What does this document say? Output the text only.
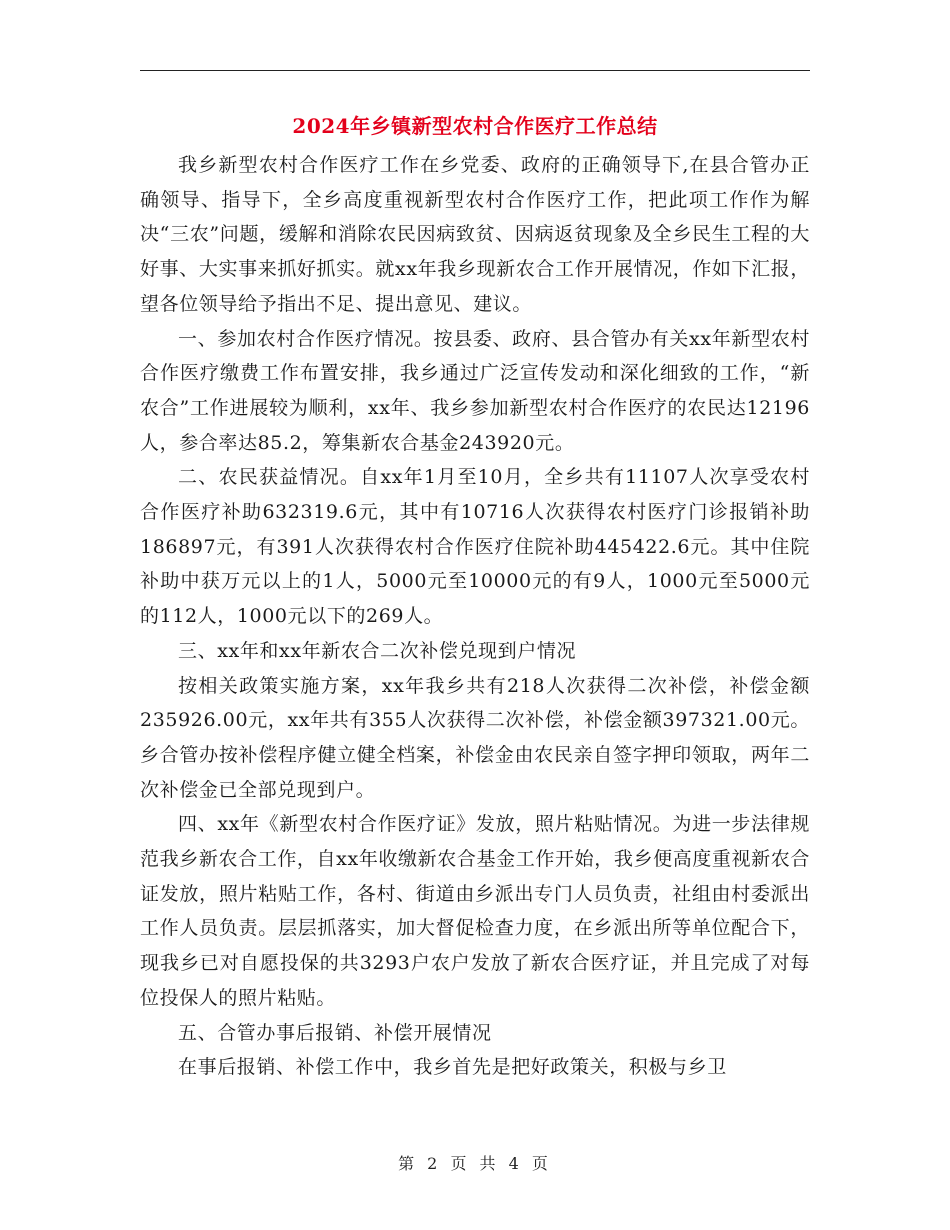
2024年乡镇新型农村合作医疗工作总结

我乡新型农村合作医疗工作在乡党委、政府的正确领导下,在县合管办正确领导、指导下，全乡高度重视新型农村合作医疗工作，把此项工作作为解决“三农”问题，缓解和消除农民因病致贫、因病返贫现象及全乡民生工程的大好事、大实事来抓好抓实。就xx年我乡现新农合工作开展情况，作如下汇报，望各位领导给予指出不足、提出意见、建议。

一、参加农村合作医疗情况。按县委、政府、县合管办有关xx年新型农村合作医疗缴费工作布置安排，我乡通过广泛宣传发动和深化细致的工作，“新农合”工作进展较为顺利，xx年、我乡参加新型农村合作医疗的农民达12196人，参合率达85.2，筹集新农合基金243920元。

二、农民获益情况。自xx年1月至10月，全乡共有11107人次享受农村合作医疗补助632319.6元，其中有10716人次获得农村医疗门诊报销补助186897元，有391人次获得农村合作医疗住院补助445422.6元。其中住院补助中获万元以上的1人，5000元至10000元的有9人，1000元至5000元的112人，1000元以下的269人。

三、xx年和xx年新农合二次补偿兑现到户情况

按相关政策实施方案，xx年我乡共有218人次获得二次补偿，补偿金额235926.00元，xx年共有355人次获得二次补偿，补偿金额397321.00元。乡合管办按补偿程序健立健全档案，补偿金由农民亲自签字押印领取，两年二次补偿金已全部兑现到户。

四、xx年《新型农村合作医疗证》发放，照片粘贴情况。为进一步法律规范我乡新农合工作，自xx年收缴新农合基金工作开始，我乡便高度重视新农合证发放，照片粘贴工作，各村、街道由乡派出专门人员负责，社组由村委派出工作人员负责。层层抓落实，加大督促检查力度，在乡派出所等单位配合下，现我乡已对自愿投保的共3293户农户发放了新农合医疗证，并且完成了对每位投保人的照片粘贴。

五、合管办事后报销、补偿开展情况

在事后报销、补偿工作中，我乡首先是把好政策关，积极与乡卫

第 2 页 共 4 页
